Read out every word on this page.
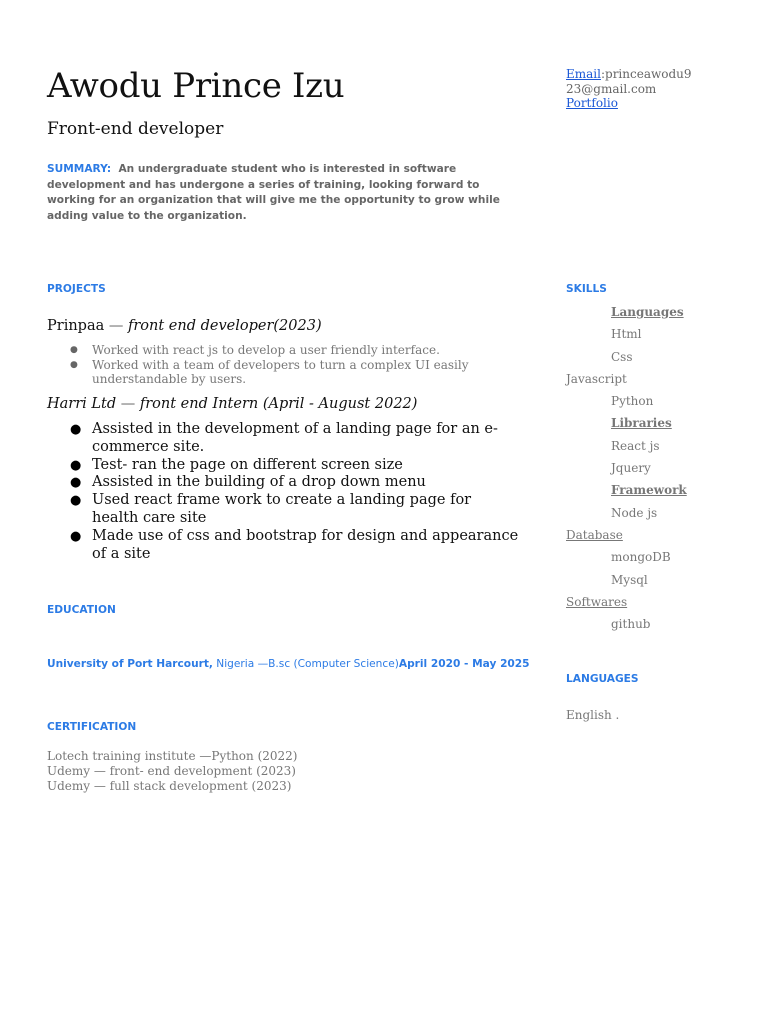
Awodu Prince Izu
Front-end developer
Email:princeawodu923@gmail.com
Portfolio

SUMMARY: An undergraduate student who is interested in software development and has undergone a series of training, looking forward to working for an organization that will give me the opportunity to grow while adding value to the organization.

PROJECTS
Prinpaa — front end developer(2023)
● Worked with react js to develop a user friendly interface.
● Worked with a team of developers to turn a complex UI easily understandable by users.
Harri Ltd — front end Intern (April - August 2022)
● Assisted in the development of a landing page for an e-commerce site.
● Test- ran the page on different screen size
● Assisted in the building of a drop down menu
● Used react frame work to create a landing page for health care site
● Made use of css and bootstrap for design and appearance of a site
EDUCATION

University of Port Harcourt, Nigeria —B.sc (Computer Science)April 2020 - May 2025

CERTIFICATION
Lotech training institute —Python (2022)
Udemy — front- end development (2023)
Udemy — full stack development (2023)
SKILLS
Languages
Html
Css
Javascript
Python
Libraries
React js
Jquery
Framework
Node js
Database
mongoDB
Mysql
Softwares
github
LANGUAGES

English .
